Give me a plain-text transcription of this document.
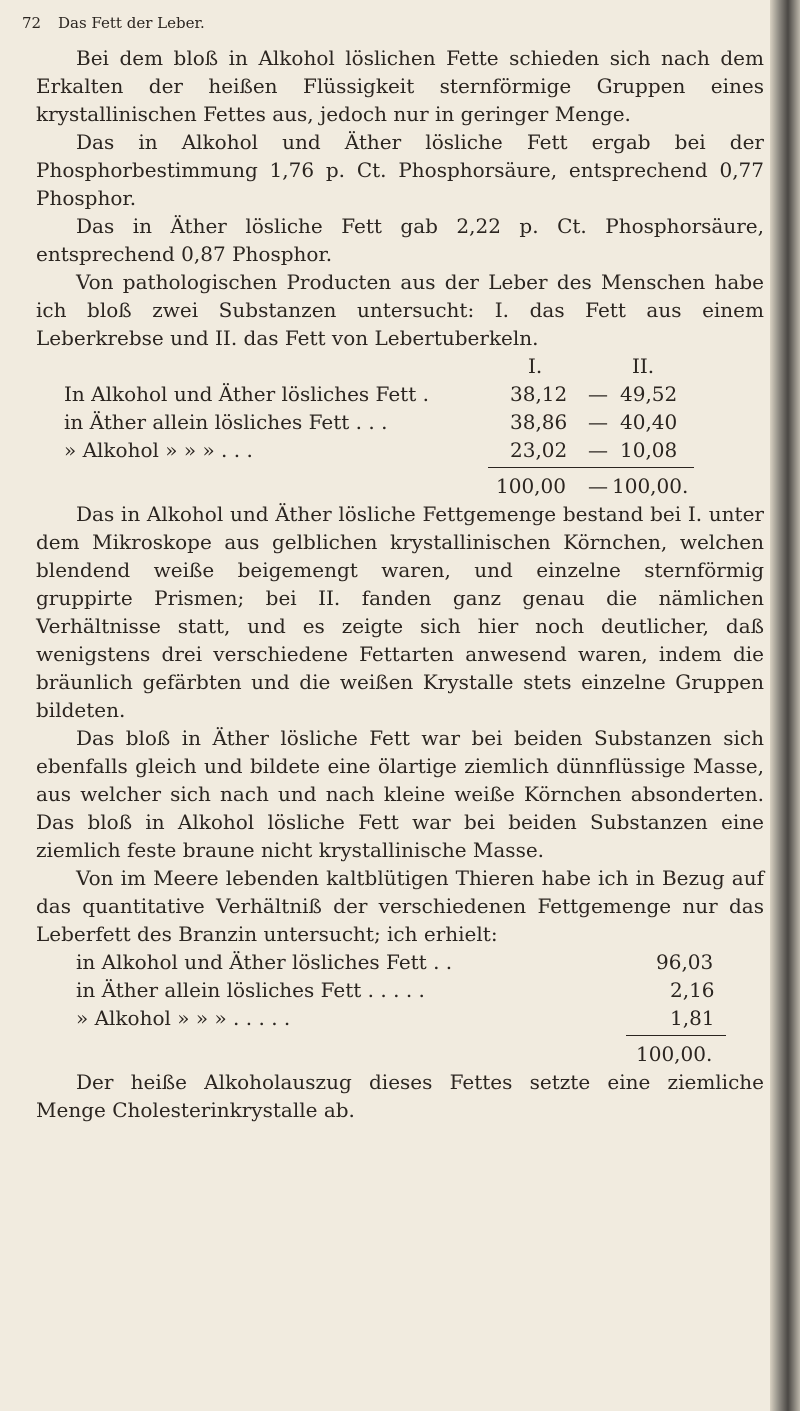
72 Das Fett der Leber.

Bei dem bloß in Alkohol löslichen Fette schieden sich nach dem Erkalten der heißen Flüssigkeit sternförmige Gruppen eines krystallinischen Fettes aus, jedoch nur in geringer Menge.

Das in Alkohol und Äther lösliche Fett ergab bei der Phosphorbestimmung 1,76 p. Ct. Phosphorsäure, entsprechend 0,77 Phosphor.

Das in Äther lösliche Fett gab 2,22 p. Ct. Phosphorsäure, entsprechend 0,87 Phosphor.

Von pathologischen Producten aus der Leber des Menschen habe ich bloß zwei Substanzen untersucht: I. das Fett aus einem Leberkrebse und II. das Fett von Lebertuberkeln.

I.	II.
In Alkohol und Äther lösliches Fett .	38,12 — 49,52
in Äther allein lösliches Fett . . .	38,86 — 40,40
» Alkohol » » » . . .	23,02 — 10,08
100,00 — 100,00.

Das in Alkohol und Äther lösliche Fettgemenge bestand bei I. unter dem Mikroskope aus gelblichen krystallinischen Körnchen, welchen blendend weiße beigemengt waren, und einzelne sternförmig gruppirte Prismen; bei II. fanden ganz genau die nämlichen Verhältnisse statt, und es zeigte sich hier noch deutlicher, daß wenigstens drei verschiedene Fettarten anwesend waren, indem die bräunlich gefärbten und die weißen Krystalle stets einzelne Gruppen bildeten.

Das bloß in Äther lösliche Fett war bei beiden Substanzen sich ebenfalls gleich und bildete eine ölartige ziemlich dünnflüssige Masse, aus welcher sich nach und nach kleine weiße Körnchen absonderten. Das bloß in Alkohol lösliche Fett war bei beiden Substanzen eine ziemlich feste braune nicht krystallinische Masse.

Von im Meere lebenden kaltblütigen Thieren habe ich in Bezug auf das quantitative Verhältniß der verschiedenen Fettgemenge nur das Leberfett des Branzin untersucht; ich erhielt:

in Alkohol und Äther lösliches Fett . .	96,03
in Äther allein lösliches Fett . . . . .	2,16
» Alkohol » » » . . . . .	1,81
100,00.

Der heiße Alkoholauszug dieses Fettes setzte eine ziemliche Menge Cholesterinkrystalle ab.
